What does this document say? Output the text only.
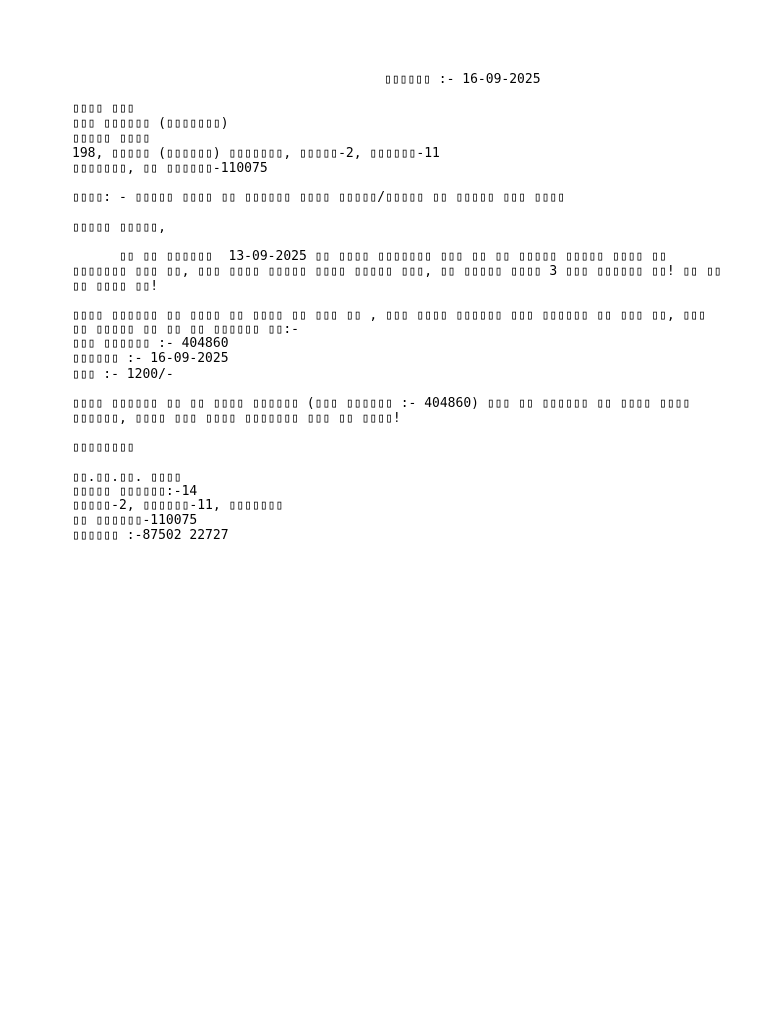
▯▯▯▯▯▯ :- 16-09-2025
▯▯▯▯ ▯▯▯
▯▯▯ ▯▯▯▯▯▯ (▯▯▯▯▯▯▯)
▯▯▯▯▯ ▯▯▯▯
198, ▯▯▯▯▯ (▯▯▯▯▯▯) ▯▯▯▯▯▯▯, ▯▯▯▯▯-2, ▯▯▯▯▯▯-11
▯▯▯▯▯▯▯, ▯▯ ▯▯▯▯▯▯-110075
▯▯▯▯: - ▯▯▯▯▯ ▯▯▯▯ ▯▯ ▯▯▯▯▯▯ ▯▯▯▯ ▯▯▯▯▯/▯▯▯▯▯ ▯▯ ▯▯▯▯▯ ▯▯▯ ▯▯▯▯
▯▯▯▯▯ ▯▯▯▯▯,
▯▯ ▯▯ ▯▯▯▯▯▯  13-09-2025 ▯▯ ▯▯▯▯ ▯▯▯▯▯▯▯ ▯▯▯ ▯▯ ▯▯ ▯▯▯▯▯ ▯▯▯▯▯ ▯▯▯▯ ▯▯
▯▯▯▯▯▯▯ ▯▯▯ ▯▯, ▯▯▯ ▯▯▯▯ ▯▯▯▯▯ ▯▯▯▯ ▯▯▯▯▯ ▯▯▯, ▯▯ ▯▯▯▯▯ ▯▯▯▯ 3 ▯▯▯ ▯▯▯▯▯▯ ▯▯! ▯▯ ▯▯
▯▯ ▯▯▯▯ ▯▯!
▯▯▯▯ ▯▯▯▯▯▯ ▯▯ ▯▯▯▯ ▯▯ ▯▯▯▯ ▯▯ ▯▯▯ ▯▯ , ▯▯▯ ▯▯▯▯ ▯▯▯▯▯▯ ▯▯▯ ▯▯▯▯▯▯ ▯▯ ▯▯▯ ▯▯, ▯▯▯
▯▯ ▯▯▯▯▯ ▯▯ ▯▯ ▯▯ ▯▯▯▯▯▯ ▯▯:-
▯▯▯ ▯▯▯▯▯▯ :- 404860
▯▯▯▯▯▯ :- 16-09-2025
▯▯▯ :- 1200/-
▯▯▯▯ ▯▯▯▯▯▯ ▯▯ ▯▯ ▯▯▯▯ ▯▯▯▯▯▯ (▯▯▯ ▯▯▯▯▯▯ :- 404860) ▯▯▯ ▯▯ ▯▯▯▯▯▯ ▯▯ ▯▯▯▯ ▯▯▯▯
▯▯▯▯▯▯, ▯▯▯▯ ▯▯▯ ▯▯▯▯ ▯▯▯▯▯▯▯ ▯▯▯ ▯▯ ▯▯▯▯!
▯▯▯▯▯▯▯▯
▯▯.▯▯.▯▯. ▯▯▯▯
▯▯▯▯▯ ▯▯▯▯▯▯:-14
▯▯▯▯▯-2, ▯▯▯▯▯▯-11, ▯▯▯▯▯▯▯
▯▯ ▯▯▯▯▯▯-110075
▯▯▯▯▯▯ :-87502 22727
